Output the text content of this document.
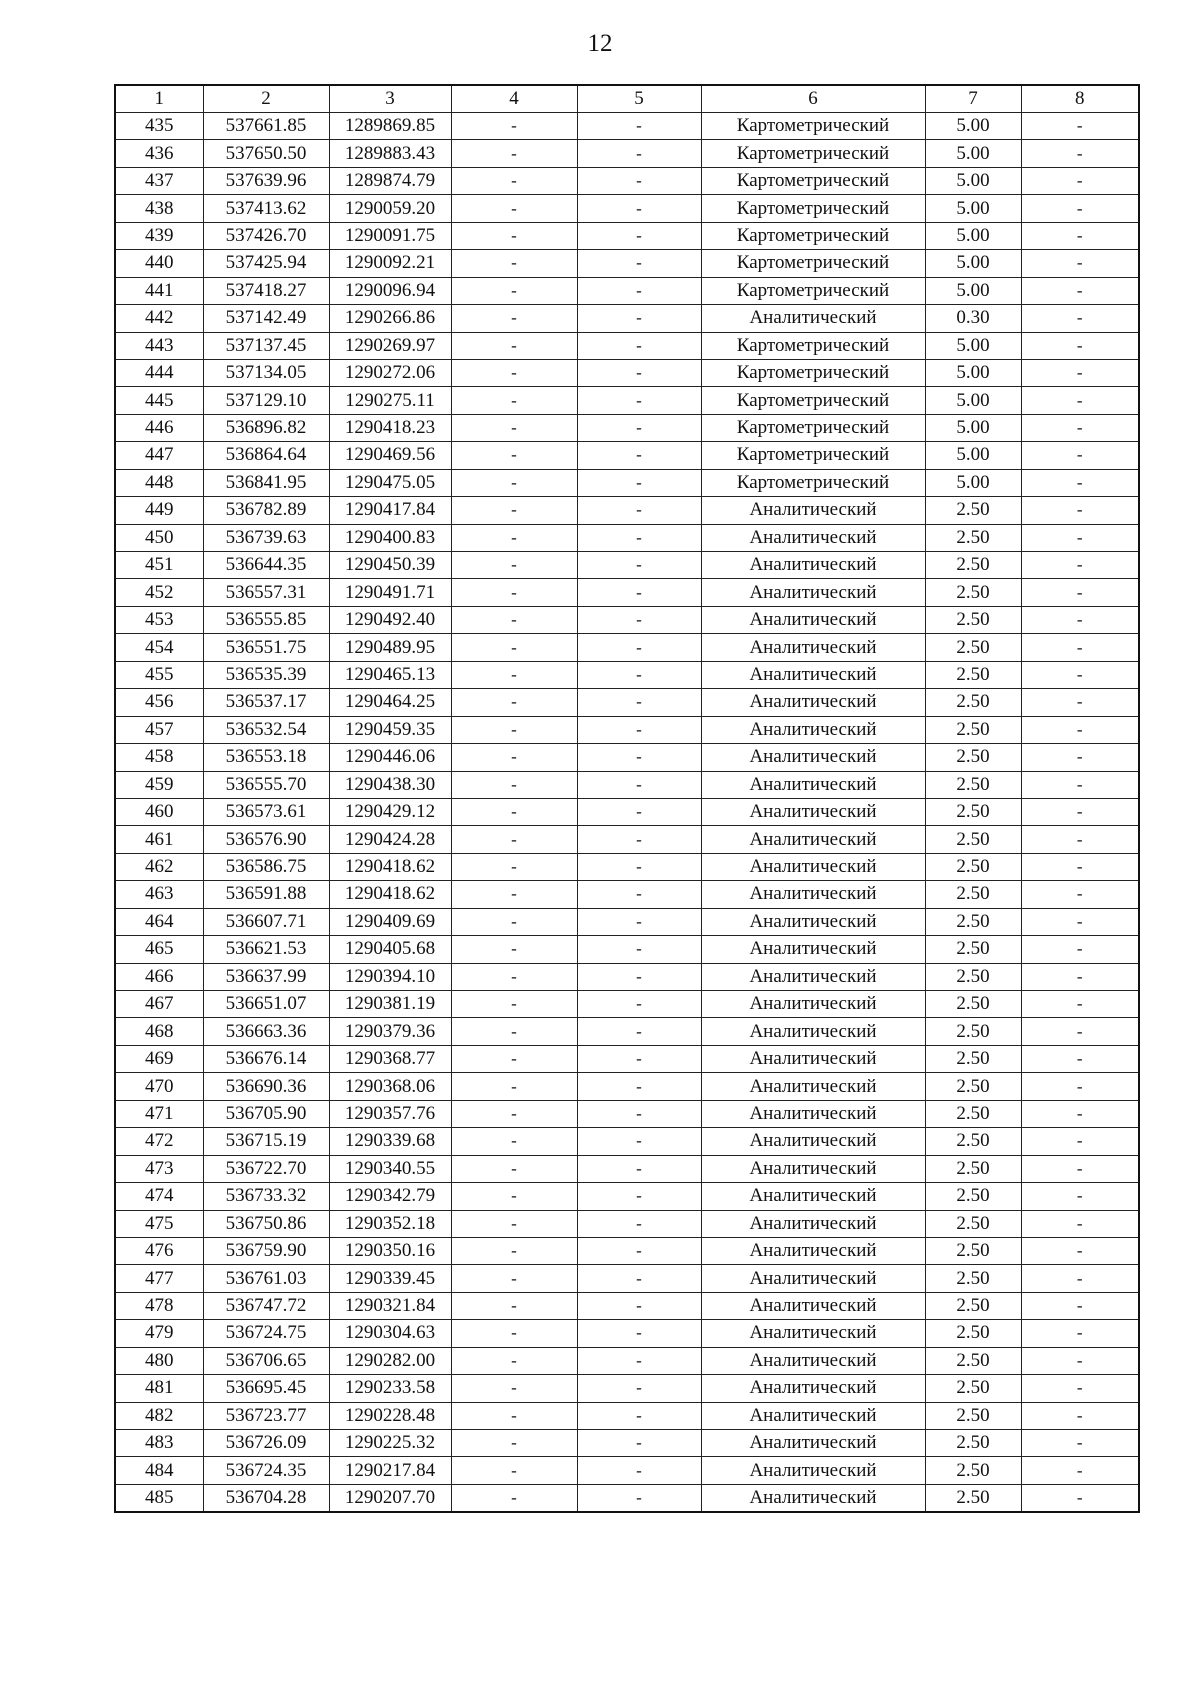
12
1	2	3	4	5	6	7	8
435	537661.85	1289869.85	-	-	Картометрический	5.00	-
436	537650.50	1289883.43	-	-	Картометрический	5.00	-
437	537639.96	1289874.79	-	-	Картометрический	5.00	-
438	537413.62	1290059.20	-	-	Картометрический	5.00	-
439	537426.70	1290091.75	-	-	Картометрический	5.00	-
440	537425.94	1290092.21	-	-	Картометрический	5.00	-
441	537418.27	1290096.94	-	-	Картометрический	5.00	-
442	537142.49	1290266.86	-	-	Аналитический	0.30	-
443	537137.45	1290269.97	-	-	Картометрический	5.00	-
444	537134.05	1290272.06	-	-	Картометрический	5.00	-
445	537129.10	1290275.11	-	-	Картометрический	5.00	-
446	536896.82	1290418.23	-	-	Картометрический	5.00	-
447	536864.64	1290469.56	-	-	Картометрический	5.00	-
448	536841.95	1290475.05	-	-	Картометрический	5.00	-
449	536782.89	1290417.84	-	-	Аналитический	2.50	-
450	536739.63	1290400.83	-	-	Аналитический	2.50	-
451	536644.35	1290450.39	-	-	Аналитический	2.50	-
452	536557.31	1290491.71	-	-	Аналитический	2.50	-
453	536555.85	1290492.40	-	-	Аналитический	2.50	-
454	536551.75	1290489.95	-	-	Аналитический	2.50	-
455	536535.39	1290465.13	-	-	Аналитический	2.50	-
456	536537.17	1290464.25	-	-	Аналитический	2.50	-
457	536532.54	1290459.35	-	-	Аналитический	2.50	-
458	536553.18	1290446.06	-	-	Аналитический	2.50	-
459	536555.70	1290438.30	-	-	Аналитический	2.50	-
460	536573.61	1290429.12	-	-	Аналитический	2.50	-
461	536576.90	1290424.28	-	-	Аналитический	2.50	-
462	536586.75	1290418.62	-	-	Аналитический	2.50	-
463	536591.88	1290418.62	-	-	Аналитический	2.50	-
464	536607.71	1290409.69	-	-	Аналитический	2.50	-
465	536621.53	1290405.68	-	-	Аналитический	2.50	-
466	536637.99	1290394.10	-	-	Аналитический	2.50	-
467	536651.07	1290381.19	-	-	Аналитический	2.50	-
468	536663.36	1290379.36	-	-	Аналитический	2.50	-
469	536676.14	1290368.77	-	-	Аналитический	2.50	-
470	536690.36	1290368.06	-	-	Аналитический	2.50	-
471	536705.90	1290357.76	-	-	Аналитический	2.50	-
472	536715.19	1290339.68	-	-	Аналитический	2.50	-
473	536722.70	1290340.55	-	-	Аналитический	2.50	-
474	536733.32	1290342.79	-	-	Аналитический	2.50	-
475	536750.86	1290352.18	-	-	Аналитический	2.50	-
476	536759.90	1290350.16	-	-	Аналитический	2.50	-
477	536761.03	1290339.45	-	-	Аналитический	2.50	-
478	536747.72	1290321.84	-	-	Аналитический	2.50	-
479	536724.75	1290304.63	-	-	Аналитический	2.50	-
480	536706.65	1290282.00	-	-	Аналитический	2.50	-
481	536695.45	1290233.58	-	-	Аналитический	2.50	-
482	536723.77	1290228.48	-	-	Аналитический	2.50	-
483	536726.09	1290225.32	-	-	Аналитический	2.50	-
484	536724.35	1290217.84	-	-	Аналитический	2.50	-
485	536704.28	1290207.70	-	-	Аналитический	2.50	-
